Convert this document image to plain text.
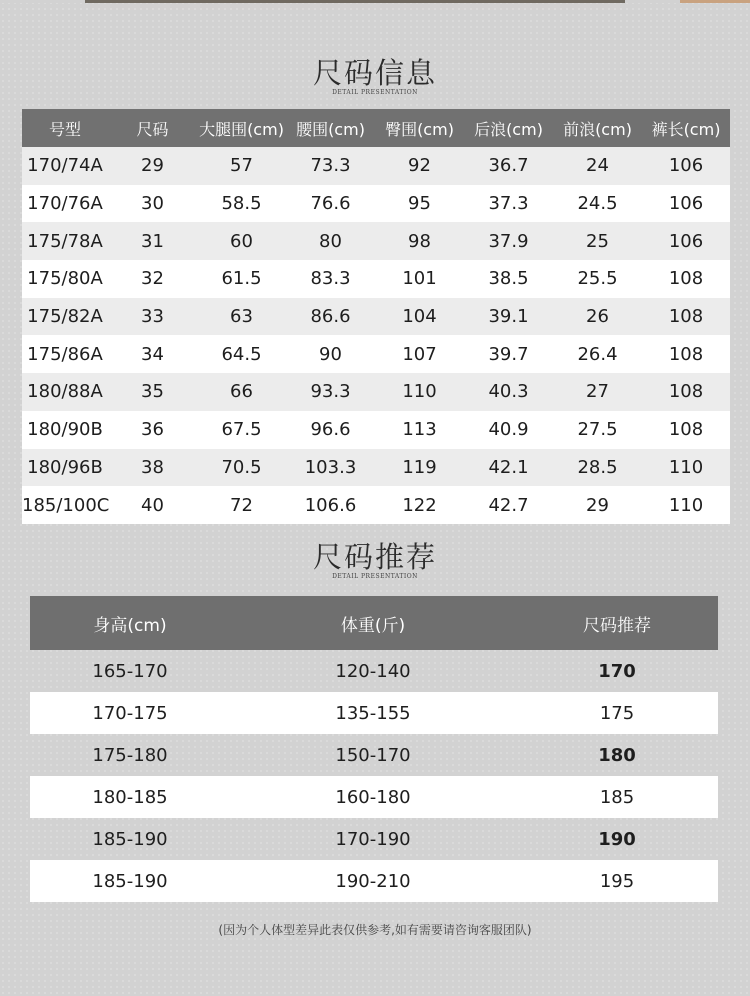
尺码信息
DETAIL PRESENTATION
号型	尺码	大腿围(cm) 腰围(cm)	臀围(cm)	后浪(cm)	前浪(cm)	裤长(cm)
170/74A	29	57	73.3	92	36.7	24	106
170/76A	30	58.5	76.6	95	37.3	24.5	106
175/78A	31	60	80	98	37.9	25	106
175/80A	32	61.5	83.3	101	38.5	25.5	108
175/82A	33	63	86.6	104	39.1	26	108
175/86A	34	64.5	90	107	39.7	26.4	108
180/88A	35	66	93.3	110	40.3	27	108
180/90B	36	67.5	96.6	113	40.9	27.5	108
180/96B	38	70.5	103.3	119	42.1	28.5	110
185/100C	40	72	106.6	122	42.7	29	110
尺码推荐
DETAIL PRESENTATION
身高(cm)	体重(斤)	尺码推荐
165-170	120-140	170
170-175	135-155	175
175-180	150-170	180
180-185	160-180	185
185-190	170-190	190
185-190	190-210	195
(因为个人体型差异此表仅供参考,如有需要请咨询客服团队)
